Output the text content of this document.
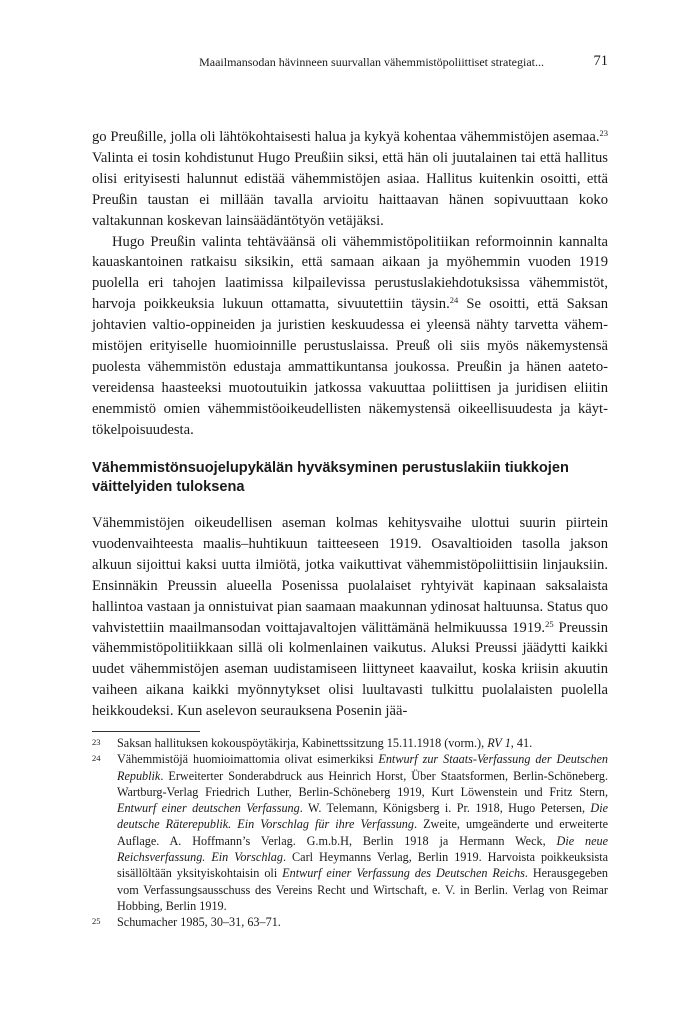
Maailmansodan hävinneen suurvallan vähemmistöpoliittiset strategiat...	71

go Preußille, jolla oli lähtökohtaisesti halua ja kykyä kohentaa vähemmistöjen asemaa.$^{23}$ Valinta ei tosin kohdistunut Hugo Preußiin siksi, että hän oli juutalainen tai että hallitus olisi erityisesti halunnut edistää vähemmistöjen asiaa. Hallitus kuitenkin osoitti, että Preußin taustan ei millään tavalla arvioitu haittaavan hänen sopivuuttaan koko valtakunnan koskevan lainsäädäntötyön vetäjäksi.

Hugo Preußin valinta tehtäväänsä oli vähemmistöpolitiikan reformoinnin kannalta kauaskantoinen ratkaisu siksikin, että samaan aikaan ja myöhemmin vuoden 1919 puolella eri tahojen laatimissa kilpailevissa perustuslakiehdotuksissa vähemmistöt, harvoja poikkeuksia lukuun ottamatta, sivuutettiin täysin.$^{24}$ Se osoitti, että Saksan johtavien valtio-oppineiden ja juristien keskuudessa ei yleensä nähty tarvetta vähemmistöjen erityiselle huomioinnille perustuslaissa. Preuß oli siis myös näkemystensä puolesta vähemmistön edustaja ammattikuntansa joukossa. Preußin ja hänen aatetovereidensa haasteeksi muotoutuikin jatkossa vakuuttaa poliittisen ja juridisen eliitin enemmistö omien vähemmistöoikeudellisten näkemystensä oikeellisuudesta ja käyttökelpoisuudesta.

Vähemmistönsuojelupykälän hyväksyminen perustuslakiin tiukkojen väittelyiden tuloksena

Vähemmistöjen oikeudellisen aseman kolmas kehitysvaihe ulottui suurin piirtein vuodenvaihteesta maalis–huhtikuun taitteeseen 1919. Osavaltioiden tasolla jakson alkuun sijoittui kaksi uutta ilmiötä, jotka vaikuttivat vähemmistöpoliittisiin linjauksiin. Ensinnäkin Preussin alueella Posenissa puolalaiset ryhtyivät kapinaan saksalaista hallintoa vastaan ja onnistuivat pian saamaan maakunnan ydinosat haltuunsa. Status quo vahvistettiin maailmansodan voittajavaltojen välittämänä helmikuussa 1919.25 Preussin vähemmistöpolitiikkaan sillä oli kolmenlainen vaikutus. Aluksi Preussi jäädytti kaikki uudet vähemmistöjen aseman uudistamiseen liittyneet kaavailut, koska kriisin akuutin vaiheen aikana kaikki myönnytykset olisi luultavasti tulkittu puolalaisten puolella heikkoudeksi. Kun aselevon seurauksena Posenin jää-

23 Saksan hallituksen kokouspöytäkirja, Kabinettssitzung 15.11.1918 (vorm.), RV 1, 41.
24 Vähemmistöjä huomioimattomia olivat esimerkiksi Entwurf zur Staats-Verfassung der Deutschen Republik. Erweiterter Sonderabdruck aus Heinrich Horst, Über Staatsformen, Berlin-Schöneberg. Wartburg-Verlag Friedrich Luther, Berlin-Schöneberg 1919, Kurt Löwenstein und Fritz Stern, Entwurf einer deutschen Verfassung. W. Telemann, Königsberg i. Pr. 1918, Hugo Petersen, Die deutsche Räterepublik. Ein Vorschlag für ihre Verfassung. Zweite, umgeänderte und erweiterte Auflage. A. Hoffmann’s Verlag. G.m.b.H, Berlin 1918 ja Hermann Weck, Die neue Reichsverfassung. Ein Vorschlag. Carl Heymanns Verlag, Berlin 1919. Harvoista poikkeuksista sisällöltään yksityiskohtaisin oli Entwurf einer Verfassung des Deutschen Reichs. Herausgegeben vom Verfassungsausschuss des Vereins Recht und Wirtschaft, e. V. in Berlin. Verlag von Reimar Hobbing, Berlin 1919.
25 Schumacher 1985, 30–31, 63–71.
